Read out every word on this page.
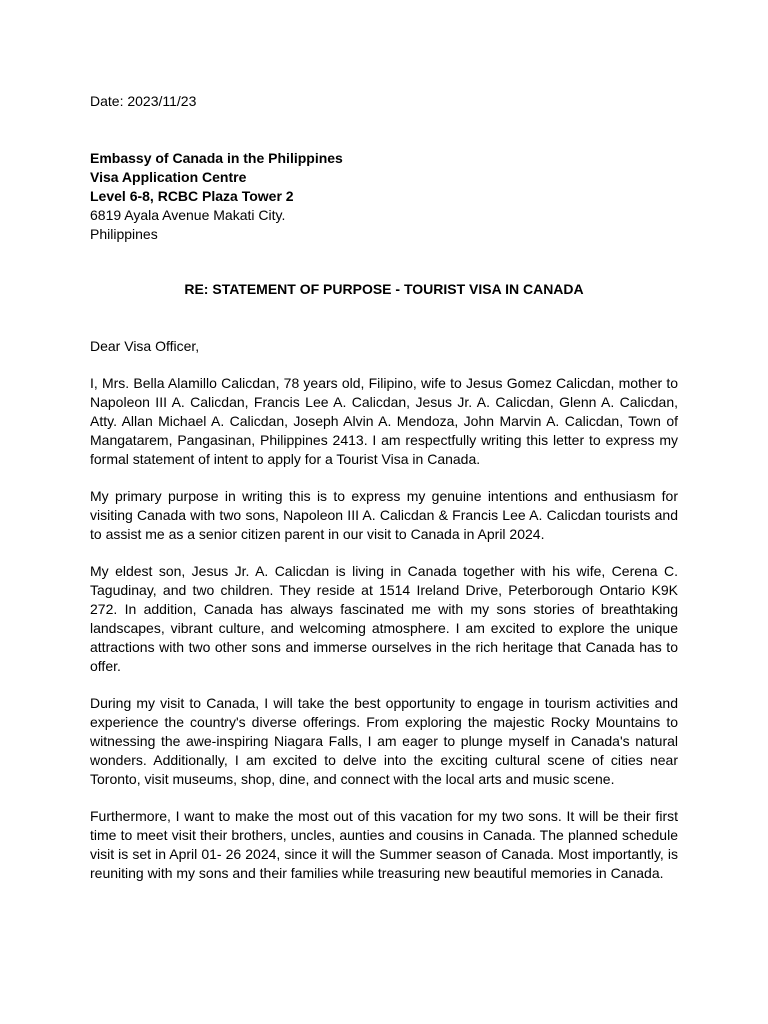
Date: 2023/11/23
Embassy of Canada in the Philippines
Visa Application Centre
Level 6-8, RCBC Plaza Tower 2
6819 Ayala Avenue Makati City.
Philippines
RE: STATEMENT OF PURPOSE - TOURIST VISA IN CANADA
Dear Visa Officer,

I, Mrs. Bella Alamillo Calicdan, 78 years old, Filipino, wife to Jesus Gomez Calicdan, mother to Napoleon III A. Calicdan, Francis Lee A. Calicdan, Jesus Jr. A. Calicdan, Glenn A. Calicdan, Atty. Allan Michael A. Calicdan, Joseph Alvin A. Mendoza, John Marvin A. Calicdan, Town of Mangatarem, Pangasinan, Philippines 2413. I am respectfully writing this letter to express my formal statement of intent to apply for a Tourist Visa in Canada.

My primary purpose in writing this is to express my genuine intentions and enthusiasm for visiting Canada with two sons, Napoleon III A. Calicdan & Francis Lee A. Calicdan tourists and to assist me as a senior citizen parent in our visit to Canada in April 2024.

My eldest son, Jesus Jr. A. Calicdan is living in Canada together with his wife, Cerena C. Tagudinay, and two children. They reside at 1514 Ireland Drive, Peterborough Ontario K9K 272. In addition, Canada has always fascinated me with my sons stories of breathtaking landscapes, vibrant culture, and welcoming atmosphere. I am excited to explore the unique attractions with two other sons and immerse ourselves in the rich heritage that Canada has to offer.

During my visit to Canada, I will take the best opportunity to engage in tourism activities and experience the country's diverse offerings. From exploring the majestic Rocky Mountains to witnessing the awe-inspiring Niagara Falls, I am eager to plunge myself in Canada's natural wonders. Additionally, I am excited to delve into the exciting cultural scene of cities near Toronto, visit museums, shop, dine, and connect with the local arts and music scene.

Furthermore, I want to make the most out of this vacation for my two sons. It will be their first time to meet visit their brothers, uncles, aunties and cousins in Canada. The planned schedule visit is set in April 01- 26 2024, since it will the Summer season of Canada. Most importantly, is reuniting with my sons and their families while treasuring new beautiful memories in Canada.
